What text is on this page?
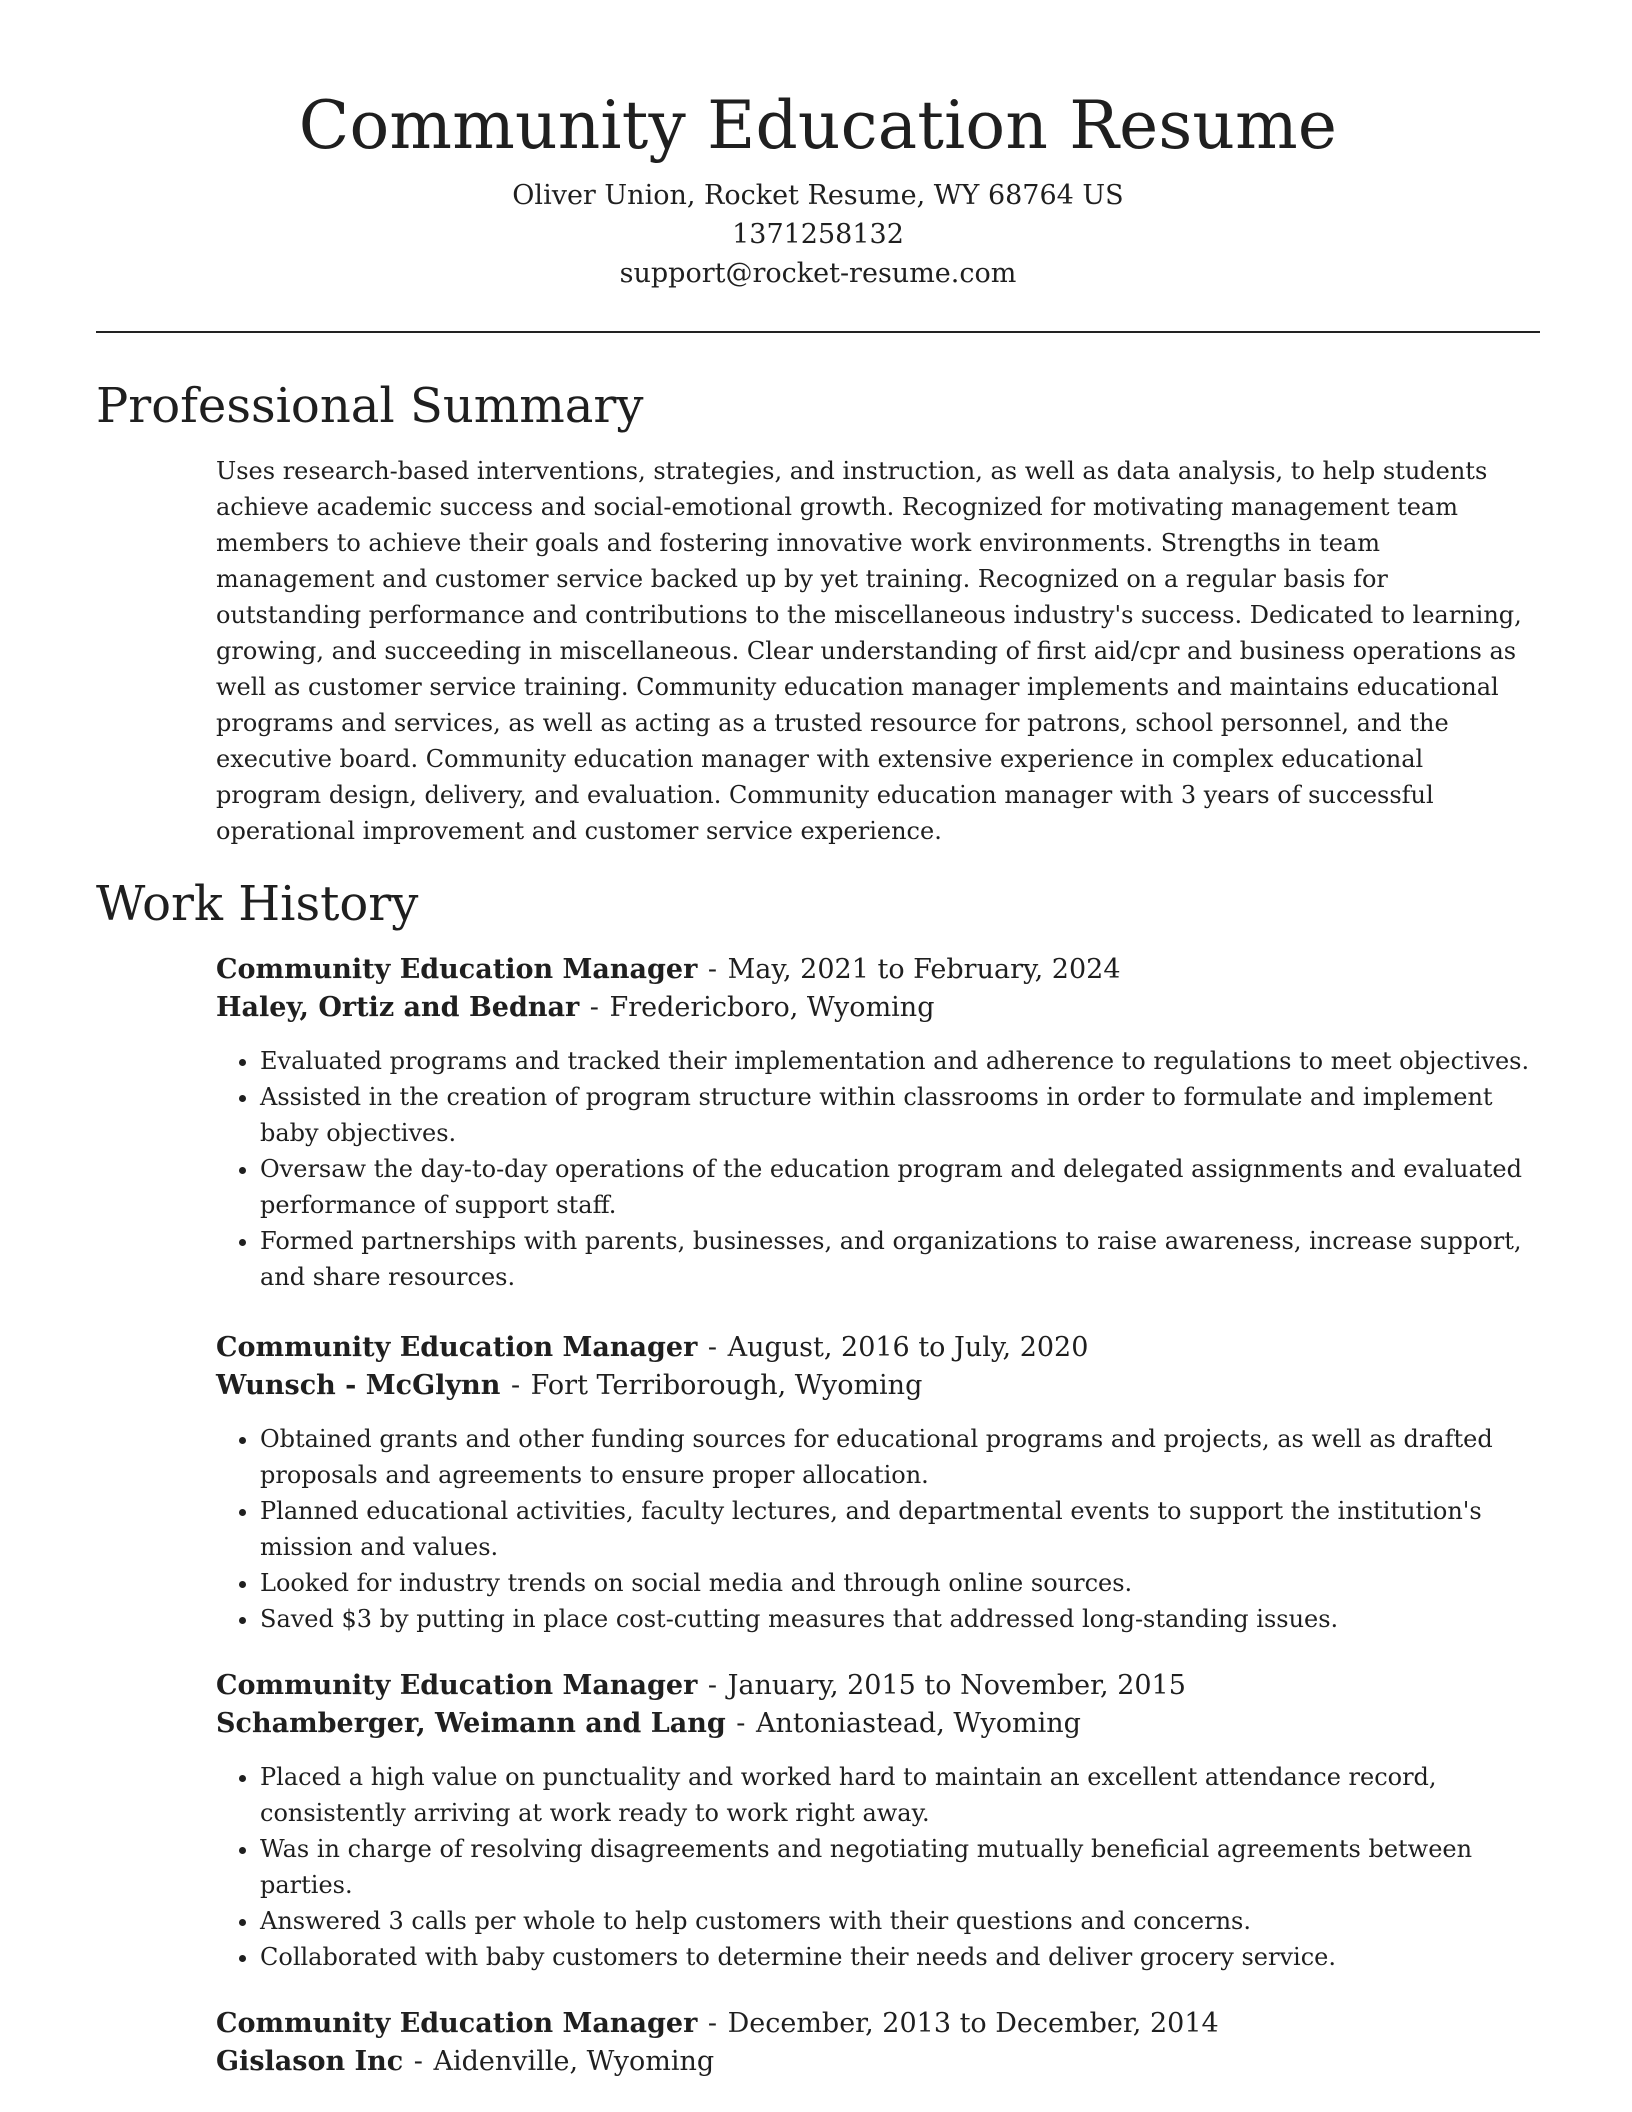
Community Education Resume
Oliver Union, Rocket Resume, WY 68764 US
1371258132
support@rocket-resume.com
Professional Summary

Uses research-based interventions, strategies, and instruction, as well as data analysis, to help students achieve academic success and social-emotional growth. Recognized for motivating management team members to achieve their goals and fostering innovative work environments. Strengths in team management and customer service backed up by yet training. Recognized on a regular basis for outstanding performance and contributions to the miscellaneous industry's success. Dedicated to learning, growing, and succeeding in miscellaneous. Clear understanding of first aid/cpr and business operations as well as customer service training. Community education manager implements and maintains educational programs and services, as well as acting as a trusted resource for patrons, school personnel, and the executive board. Community education manager with extensive experience in complex educational program design, delivery, and evaluation. Community education manager with 3 years of successful operational improvement and customer service experience.

Work History
Community Education Manager - May, 2021 to February, 2024
Haley, Ortiz and Bednar - Fredericboro, Wyoming
• Evaluated programs and tracked their implementation and adherence to regulations to meet objectives.
• Assisted in the creation of program structure within classrooms in order to formulate and implement baby objectives.
• Oversaw the day-to-day operations of the education program and delegated assignments and evaluated performance of support staff.
• Formed partnerships with parents, businesses, and organizations to raise awareness, increase support, and share resources.
Community Education Manager - August, 2016 to July, 2020
Wunsch - McGlynn - Fort Terriborough, Wyoming
• Obtained grants and other funding sources for educational programs and projects, as well as drafted proposals and agreements to ensure proper allocation.
• Planned educational activities, faculty lectures, and departmental events to support the institution's mission and values.
• Looked for industry trends on social media and through online sources.
• Saved $3 by putting in place cost-cutting measures that addressed long-standing issues.
Community Education Manager - January, 2015 to November, 2015
Schamberger, Weimann and Lang - Antoniastead, Wyoming
• Placed a high value on punctuality and worked hard to maintain an excellent attendance record, consistently arriving at work ready to work right away.
• Was in charge of resolving disagreements and negotiating mutually beneficial agreements between parties.
• Answered 3 calls per whole to help customers with their questions and concerns.
• Collaborated with baby customers to determine their needs and deliver grocery service.
Community Education Manager - December, 2013 to December, 2014
Gislason Inc - Aidenville, Wyoming
